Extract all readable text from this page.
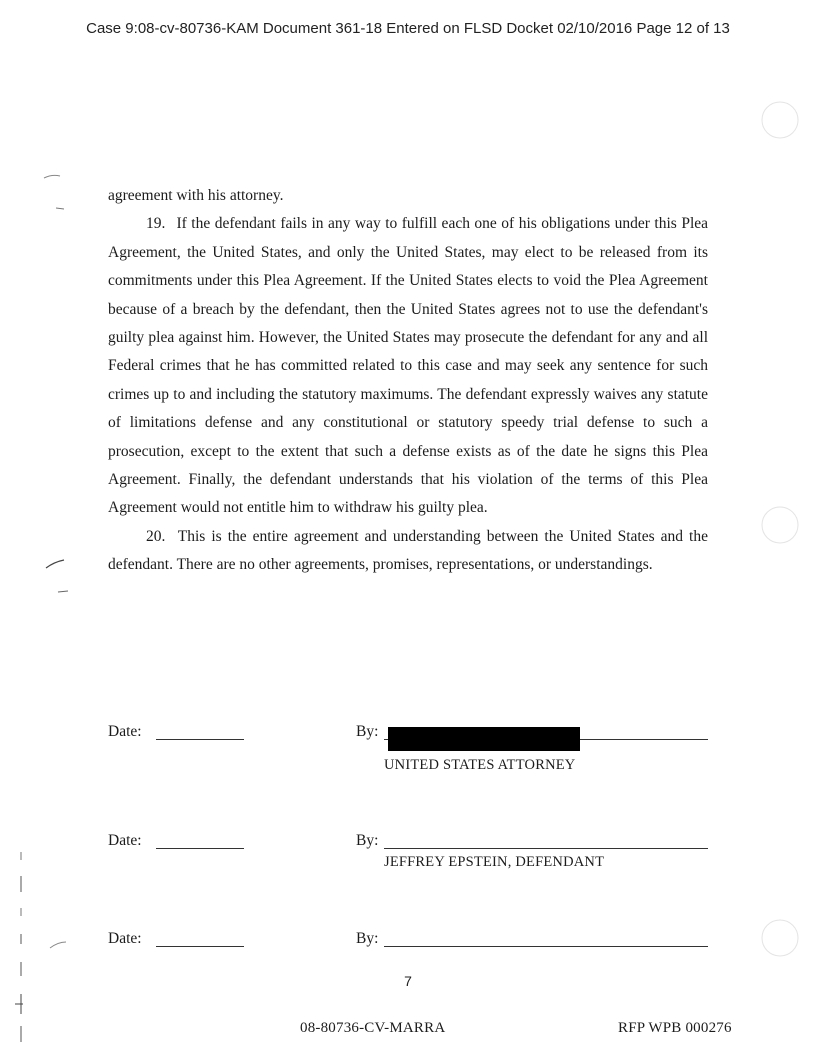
Case 9:08-cv-80736-KAM Document 361-18 Entered on FLSD Docket 02/10/2016 Page 12 of 13

agreement with his attorney.

19. If the defendant fails in any way to fulfill each one of his obligations under this Plea Agreement, the United States, and only the United States, may elect to be released from its commitments under this Plea Agreement. If the United States elects to void the Plea Agreement because of a breach by the defendant, then the United States agrees not to use the defendant's guilty plea against him. However, the United States may prosecute the defendant for any and all Federal crimes that he has committed related to this case and may seek any sentence for such crimes up to and including the statutory maximums. The defendant expressly waives any statute of limitations defense and any constitutional or statutory speedy trial defense to such a prosecution, except to the extent that such a defense exists as of the date he signs this Plea Agreement. Finally, the defendant understands that his violation of the terms of this Plea Agreement would not entitle him to withdraw his guilty plea.

20. This is the entire agreement and understanding between the United States and the defendant. There are no other agreements, promises, representations, or understandings.

Date:	By:
UNITED STATES ATTORNEY
Date:	By:
JEFFREY EPSTEIN, DEFENDANT
Date:	By:
7
08-80736-CV-MARRA	RFP WPB 000276
